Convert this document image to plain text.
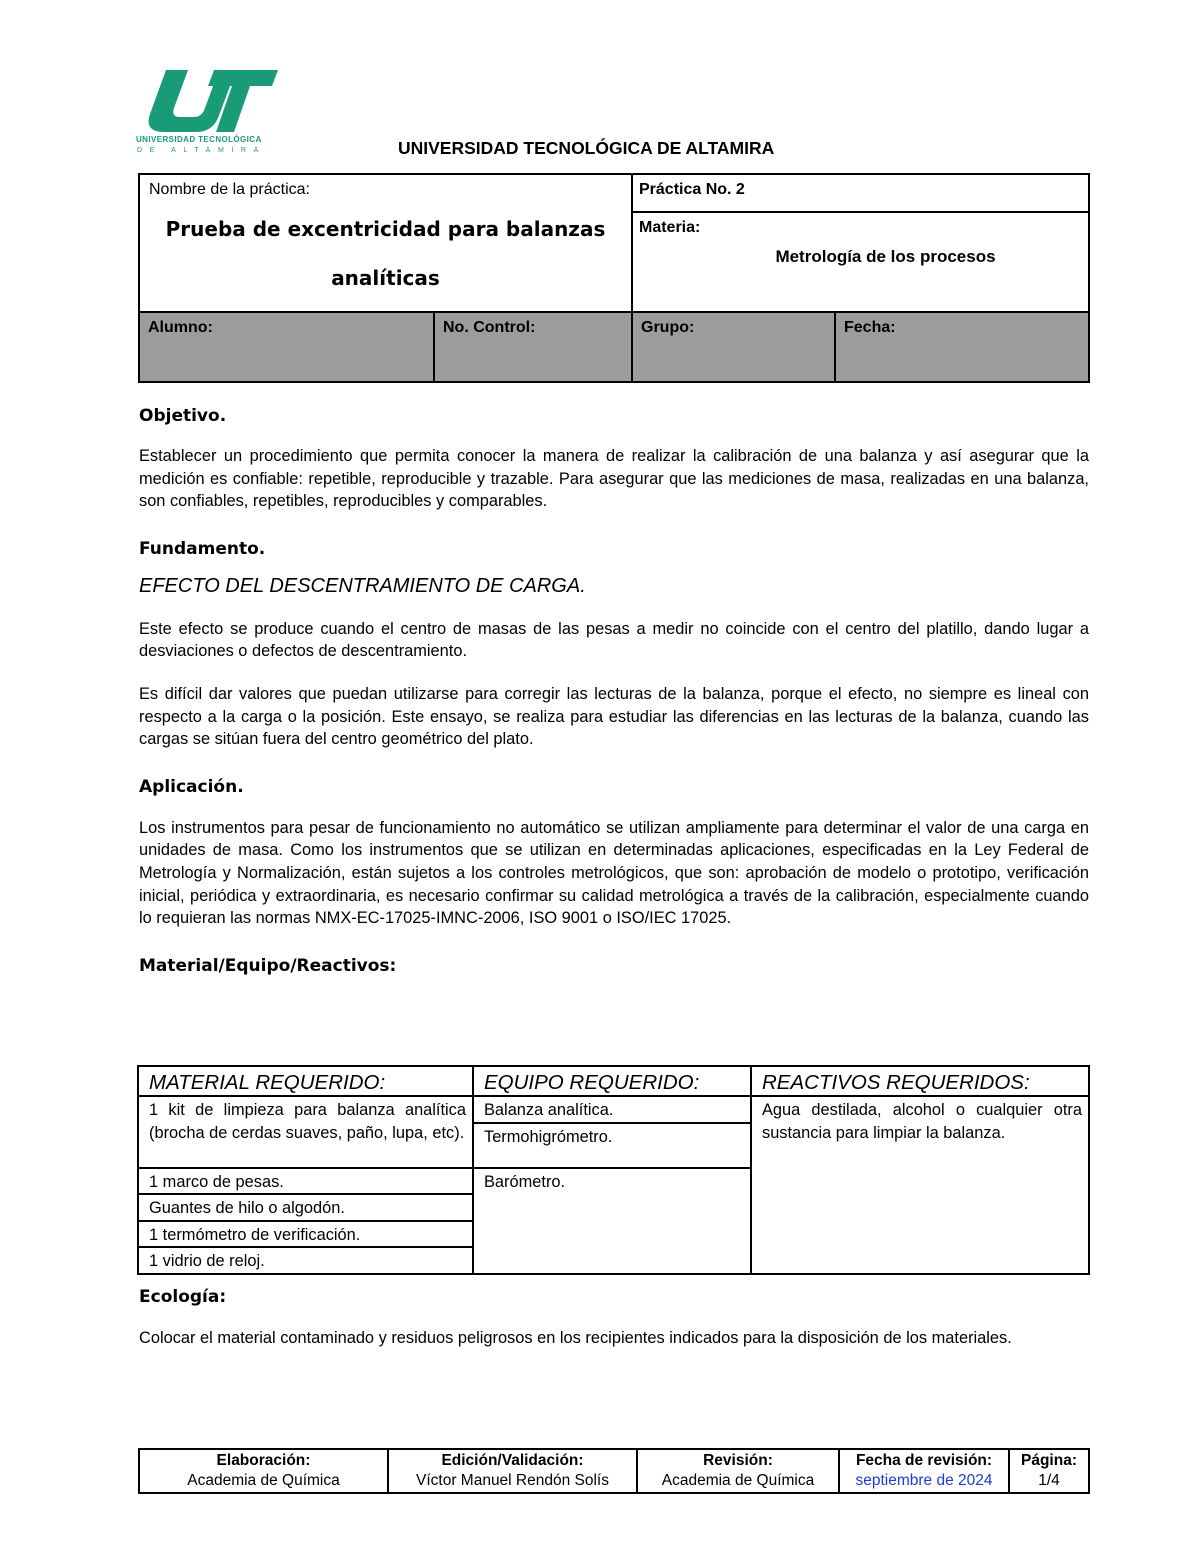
UNIVERSIDAD TECNOLÓGICA
DE ALTAMIRA	UNIVERSIDAD TECNOLÓGICA DE ALTAMIRA
Nombre de la práctica:
Prueba de excentricidad para balanzas analíticas		Práctica No. 2	

		Materia:
Metrología de los procesos	

Alumno:	No. Control:	Grupo:	Fecha:
Objetivo.

Establecer un procedimiento que permita conocer la manera de realizar la calibración de una balanza y así asegurar que la medición es confiable: repetible, reproducible y trazable. Para asegurar que las mediciones de masa, realizadas en una balanza, son confiables, repetibles, reproducibles y comparables.

Fundamento.
EFECTO DEL DESCENTRAMIENTO DE CARGA.

Este efecto se produce cuando el centro de masas de las pesas a medir no coincide con el centro del platillo, dando lugar a desviaciones o defectos de descentramiento.

Es difícil dar valores que puedan utilizarse para corregir las lecturas de la balanza, porque el efecto, no siempre es lineal con respecto a la carga o la posición. Este ensayo, se realiza para estudiar las diferencias en las lecturas de la balanza, cuando las cargas se sitúan fuera del centro geométrico del plato.

Aplicación.

Los instrumentos para pesar de funcionamiento no automático se utilizan ampliamente para determinar el valor de una carga en unidades de masa. Como los instrumentos que se utilizan en determinadas aplicaciones, especificadas en la Ley Federal de Metrología y Normalización, están sujetos a los controles metrológicos, que son: aprobación de modelo o prototipo, verificación inicial, periódica y extraordinaria, es necesario confirmar su calidad metrológica a través de la calibración, especialmente cuando lo requieran las normas NMX-EC-17025-IMNC-2006, ISO 9001 o ISO/IEC 17025.

Material/Equipo/Reactivos:
MATERIAL REQUERIDO:	EQUIPO REQUERIDO:	REACTIVOS REQUERIDOS:
1 kit de limpieza para balanza analítica (brocha de cerdas suaves, paño, lupa, etc).	Balanza analítica.	Agua destilada, alcohol o cualquier otra sustancia para limpiar la balanza.
	Termohigrómetro.	
1 marco de pesas.	Barómetro.	
Guantes de hilo o algodón.		
1 termómetro de verificación.		
1 vidrio de reloj.		
Ecología:

Colocar el material contaminado y residuos peligrosos en los recipientes indicados para la disposición de los materiales.

Elaboración:
Academia de Química	
Edición/Validación:
Víctor Manuel Rendón Solís	
Revisión:
Academia de Química	
Fecha de revisión:
septiembre de 2024	
Página:
1/4
